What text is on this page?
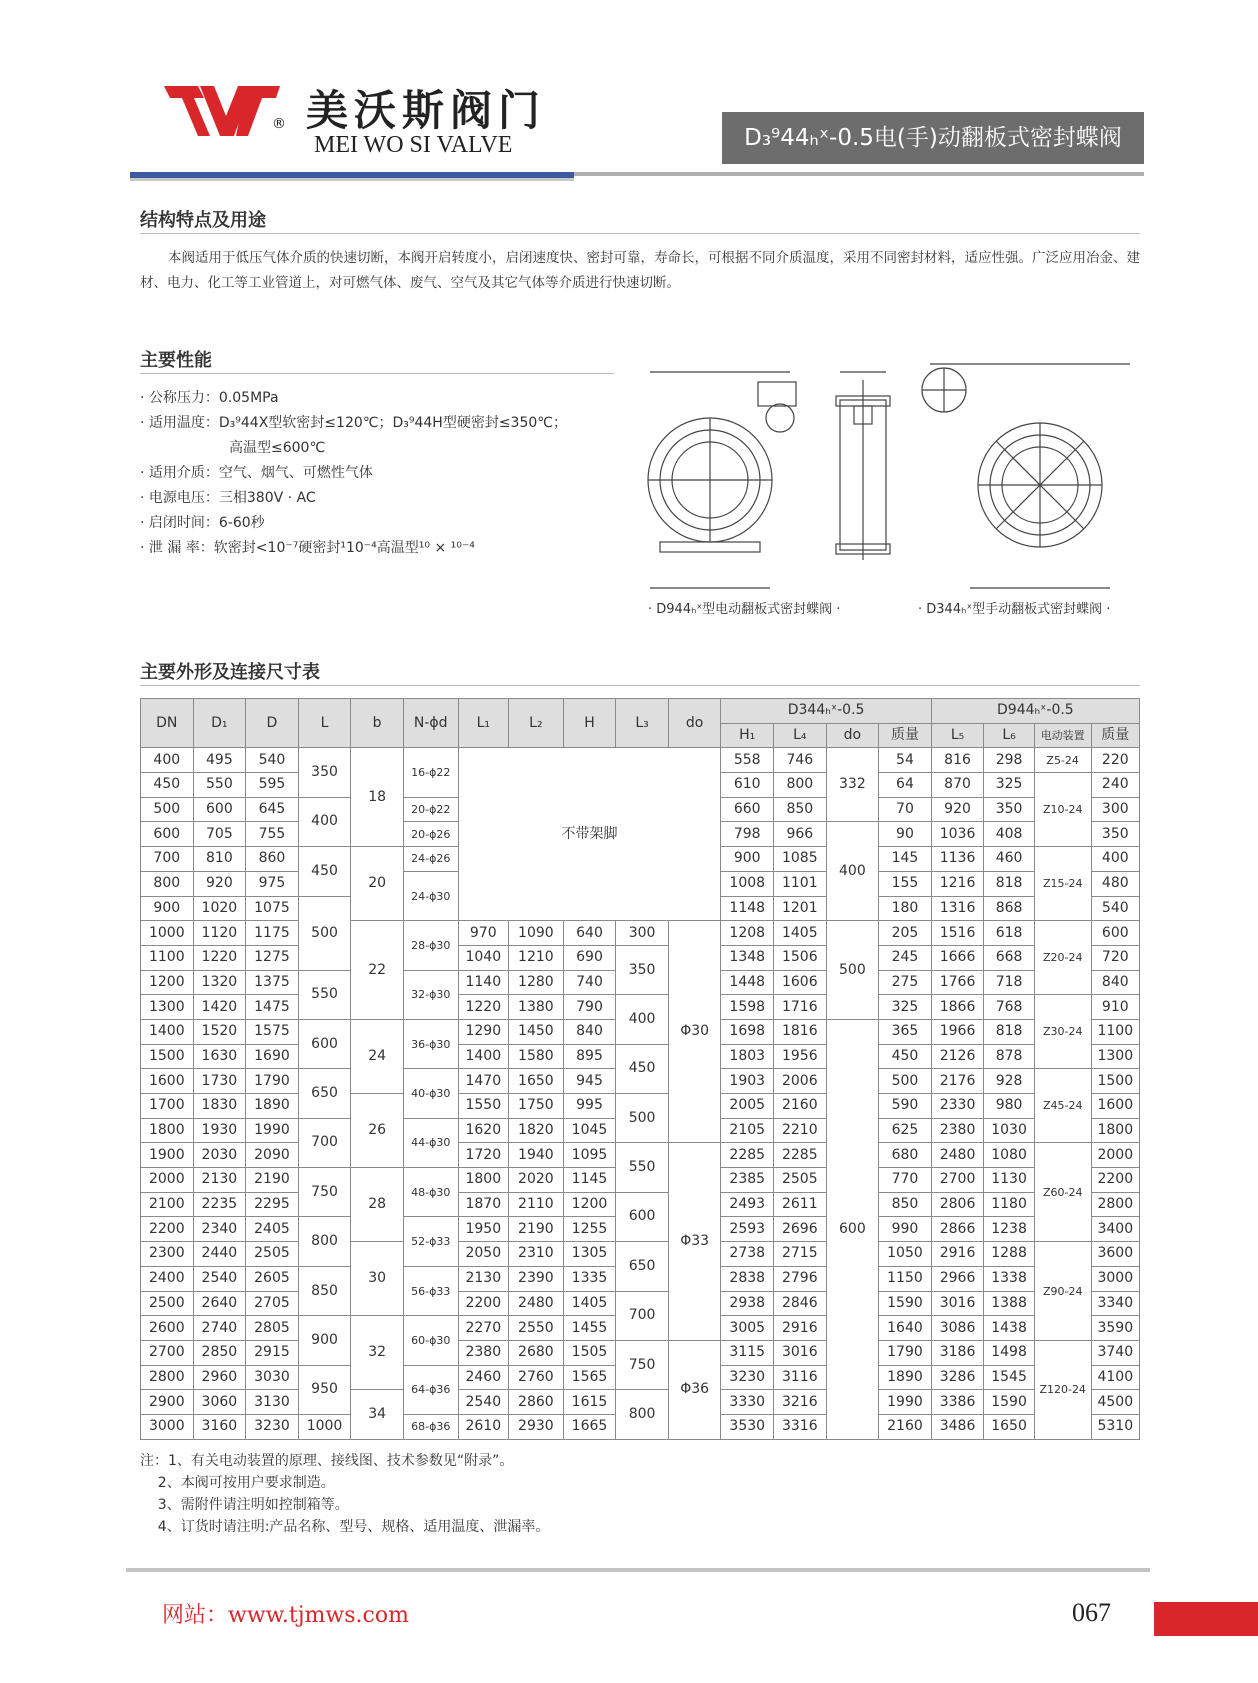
® 美沃斯阀门
MEI WO SI VALVE	D₃⁹44ₕˣ-0.5电(手)动翻板式密封蝶阀
结构特点及用途
本阀适用于低压气体介质的快速切断，本阀开启转度小，启闭速度快、密封可靠，寿命长，可根据不同介质温度，采用不同密封材料，适应性强。广泛应用冶金、建材、电力、化工等工业管道上，对可燃气体、废气、空气及其它气体等介质进行快速切断。
主要性能
· 公称压力：0.05MPa
· 适用温度：D₃⁹44X型软密封≤120℃；D₃⁹44H型硬密封≤350℃；
高温型≤600℃
· 适用介质：空气、烟气、可燃性气体
· 电源电压：三相380V · AC
· 启闭时间：6-60秒
· 泄 漏 率：软密封<10⁻⁷硬密封¹10⁻⁴高温型¹⁰ × ¹⁰⁻⁴
· D944ₕˣ型电动翻板式密封蝶阀 ·	· D344ₕˣ型手动翻板式密封蝶阀 ·
主要外形及连接尺寸表
DN	D₁	D	L	b	N-ϕd	L₁	L₂	H	L₃	do	D344ₕˣ-0.5				D944ₕˣ-0.5			
											H₁	L₄	do	质量	L₅	L₆	电动装置	质量
400	495	540	350	18	16-ϕ22	不带架脚					558	746	332	54	816	298	Z5-24	220
450	550	595									610	800		64	870	325	Z10-24	240
500	600	645	400		20-ϕ22						660	850		70	920	350		300
600	705	755			20-ϕ26						798	966	400	90	1036	408		350
700	810	860	450	20	24-ϕ26						900	1085		145	1136	460	Z15-24	400
800	920	975			24-ϕ30						1008	1101		155	1216	818		480
900	1020	1075	500								1148	1201		180	1316	868		540
1000	1120	1175		22	28-ϕ30	970	1090	640	300	Φ30	1208	1405	500	205	1516	618	Z20-24	600
1100	1220	1275				1040	1210	690	350		1348	1506		245	1666	668		720
1200	1320	1375	550		32-ϕ30	1140	1280	740			1448	1606		275	1766	718		840
1300	1420	1475				1220	1380	790	400		1598	1716		325	1866	768	Z30-24	910
1400	1520	1575	600	24	36-ϕ30	1290	1450	840			1698	1816	600	365	1966	818		1100
1500	1630	1690				1400	1580	895	450		1803	1956		450	2126	878		1300
1600	1730	1790	650		40-ϕ30	1470	1650	945			1903	2006		500	2176	928	Z45-24	1500
1700	1830	1890		26		1550	1750	995	500		2005	2160		590	2330	980		1600
1800	1930	1990	700		44-ϕ30	1620	1820	1045			2105	2210		625	2380	1030		1800
1900	2030	2090				1720	1940	1095	550	Φ33	2285	2285		680	2480	1080	Z60-24	2000
2000	2130	2190	750	28	48-ϕ30	1800	2020	1145			2385	2505		770	2700	1130		2200
2100	2235	2295				1870	2110	1200	600		2493	2611		850	2806	1180		2800
2200	2340	2405	800		52-ϕ33	1950	2190	1255			2593	2696		990	2866	1238		3400
2300	2440	2505		30		2050	2310	1305	650		2738	2715		1050	2916	1288	Z90-24	3600
2400	2540	2605	850		56-ϕ33	2130	2390	1335			2838	2796		1150	2966	1338		3000
2500	2640	2705				2200	2480	1405	700		2938	2846		1590	3016	1388		3340
2600	2740	2805	900	32	60-ϕ30	2270	2550	1455			3005	2916		1640	3086	1438		3590
2700	2850	2915				2380	2680	1505	750	Φ36	3115	3016		1790	3186	1498	Z120-24	3740
2800	2960	3030	950		64-ϕ36	2460	2760	1565			3230	3116		1890	3286	1545		4100
2900	3060	3130		34		2540	2860	1615	800		3330	3216		1990	3386	1590		4500
3000	3160	3230	1000		68-ϕ36	2610	2930	1665			3530	3316		2160	3486	1650		5310
注：1、有关电动装置的原理、接线图、技术参数见“附录”。
2、本阀可按用户要求制造。
3、需附件请注明如控制箱等。
4、订货时请注明:产品名称、型号、规格、适用温度、泄漏率。
网站：www.tjmws.com	067
